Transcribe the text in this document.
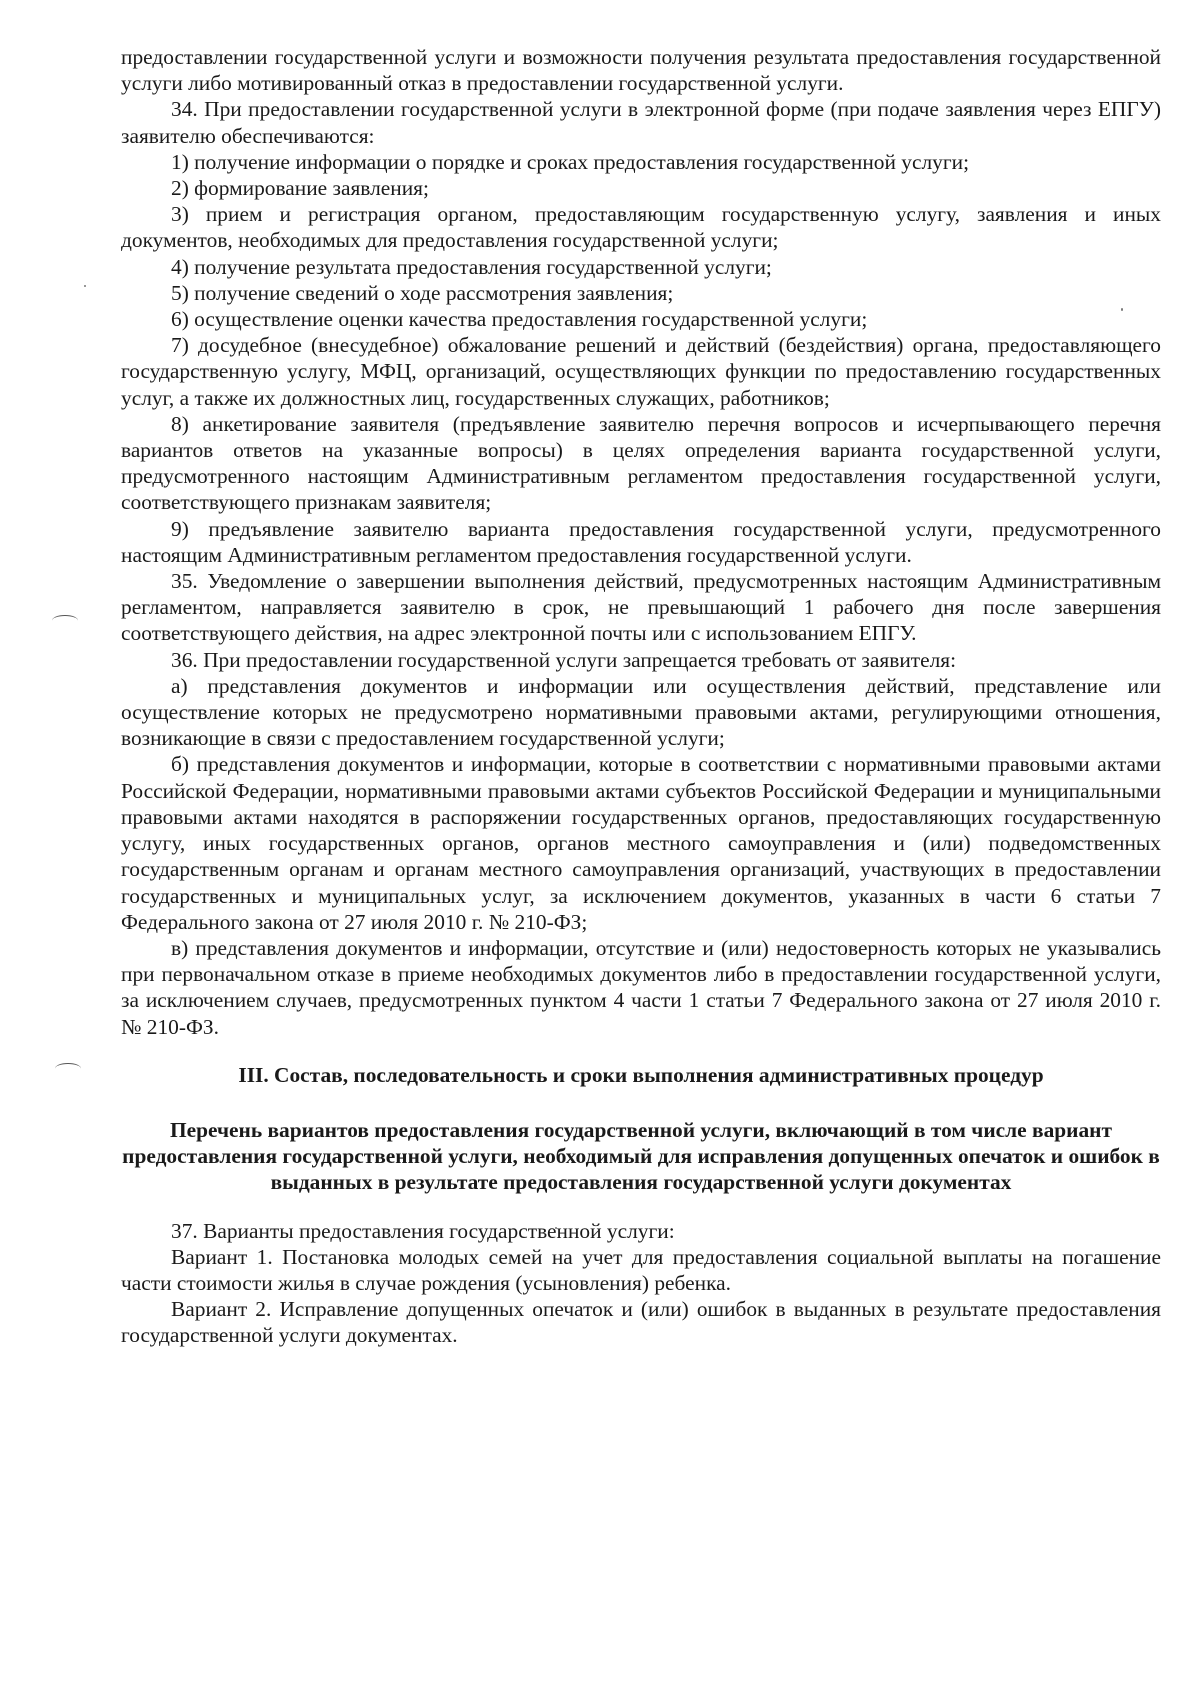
предоставлении государственной услуги и возможности получения результата предоставления государственной услуги либо мотивированный отказ в предоставлении государственной услуги.

34. При предоставлении государственной услуги в электронной форме (при подаче заявления через ЕПГУ) заявителю обеспечиваются:

1) получение информации о порядке и сроках предоставления государственной услуги;

2) формирование заявления;

3) прием и регистрация органом, предоставляющим государственную услугу, заявления и иных документов, необходимых для предоставления государственной услуги;

4) получение результата предоставления государственной услуги;

5) получение сведений о ходе рассмотрения заявления;

6) осуществление оценки качества предоставления государственной услуги;

7) досудебное (внесудебное) обжалование решений и действий (бездействия) органа, предоставляющего государственную услугу, МФЦ, организаций, осуществляющих функции по предоставлению государственных услуг, а также их должностных лиц, государственных служащих, работников;

8) анкетирование заявителя (предъявление заявителю перечня вопросов и исчерпывающего перечня вариантов ответов на указанные вопросы) в целях определения варианта государственной услуги, предусмотренного настоящим Административным регламентом предоставления государственной услуги, соответствующего признакам заявителя;

9) предъявление заявителю варианта предоставления государственной услуги, предусмотренного настоящим Административным регламентом предоставления государственной услуги.

35. Уведомление о завершении выполнения действий, предусмотренных настоящим Административным регламентом, направляется заявителю в срок, не превышающий 1 рабочего дня после завершения соответствующего действия, на адрес электронной почты или с использованием ЕПГУ.

36. При предоставлении государственной услуги запрещается требовать от заявителя:

а) представления документов и информации или осуществления действий, представление или осуществление которых не предусмотрено нормативными правовыми актами, регулирующими отношения, возникающие в связи с предоставлением государственной услуги;

б) представления документов и информации, которые в соответствии с нормативными правовыми актами Российской Федерации, нормативными правовыми актами субъектов Российской Федерации и муниципальными правовыми актами находятся в распоряжении государственных органов, предоставляющих государственную услугу, иных государственных органов, органов местного самоуправления и (или) подведомственных государственным органам и органам местного самоуправления организаций, участвующих в предоставлении государственных и муниципальных услуг, за исключением документов, указанных в части 6 статьи 7 Федерального закона от 27 июля 2010 г. № 210-ФЗ;

в) представления документов и информации, отсутствие и (или) недостоверность которых не указывались при первоначальном отказе в приеме необходимых документов либо в предоставлении государственной услуги, за исключением случаев, предусмотренных пунктом 4 части 1 статьи 7 Федерального закона от 27 июля 2010 г. № 210-ФЗ.

III. Состав, последовательность и сроки выполнения административных процедур

Перечень вариантов предоставления государственной услуги, включающий в том числе вариант предоставления государственной услуги, необходимый для исправления допущенных опечаток и ошибок в выданных в результате предоставления государственной услуги документах

37. Варианты предоставления государственной услуги:

Вариант 1. Постановка молодых семей на учет для предоставления социальной выплаты на погашение части стоимости жилья в случае рождения (усыновления) ребенка.

Вариант 2. Исправление допущенных опечаток и (или) ошибок в выданных в результате предоставления государственной услуги документах.
